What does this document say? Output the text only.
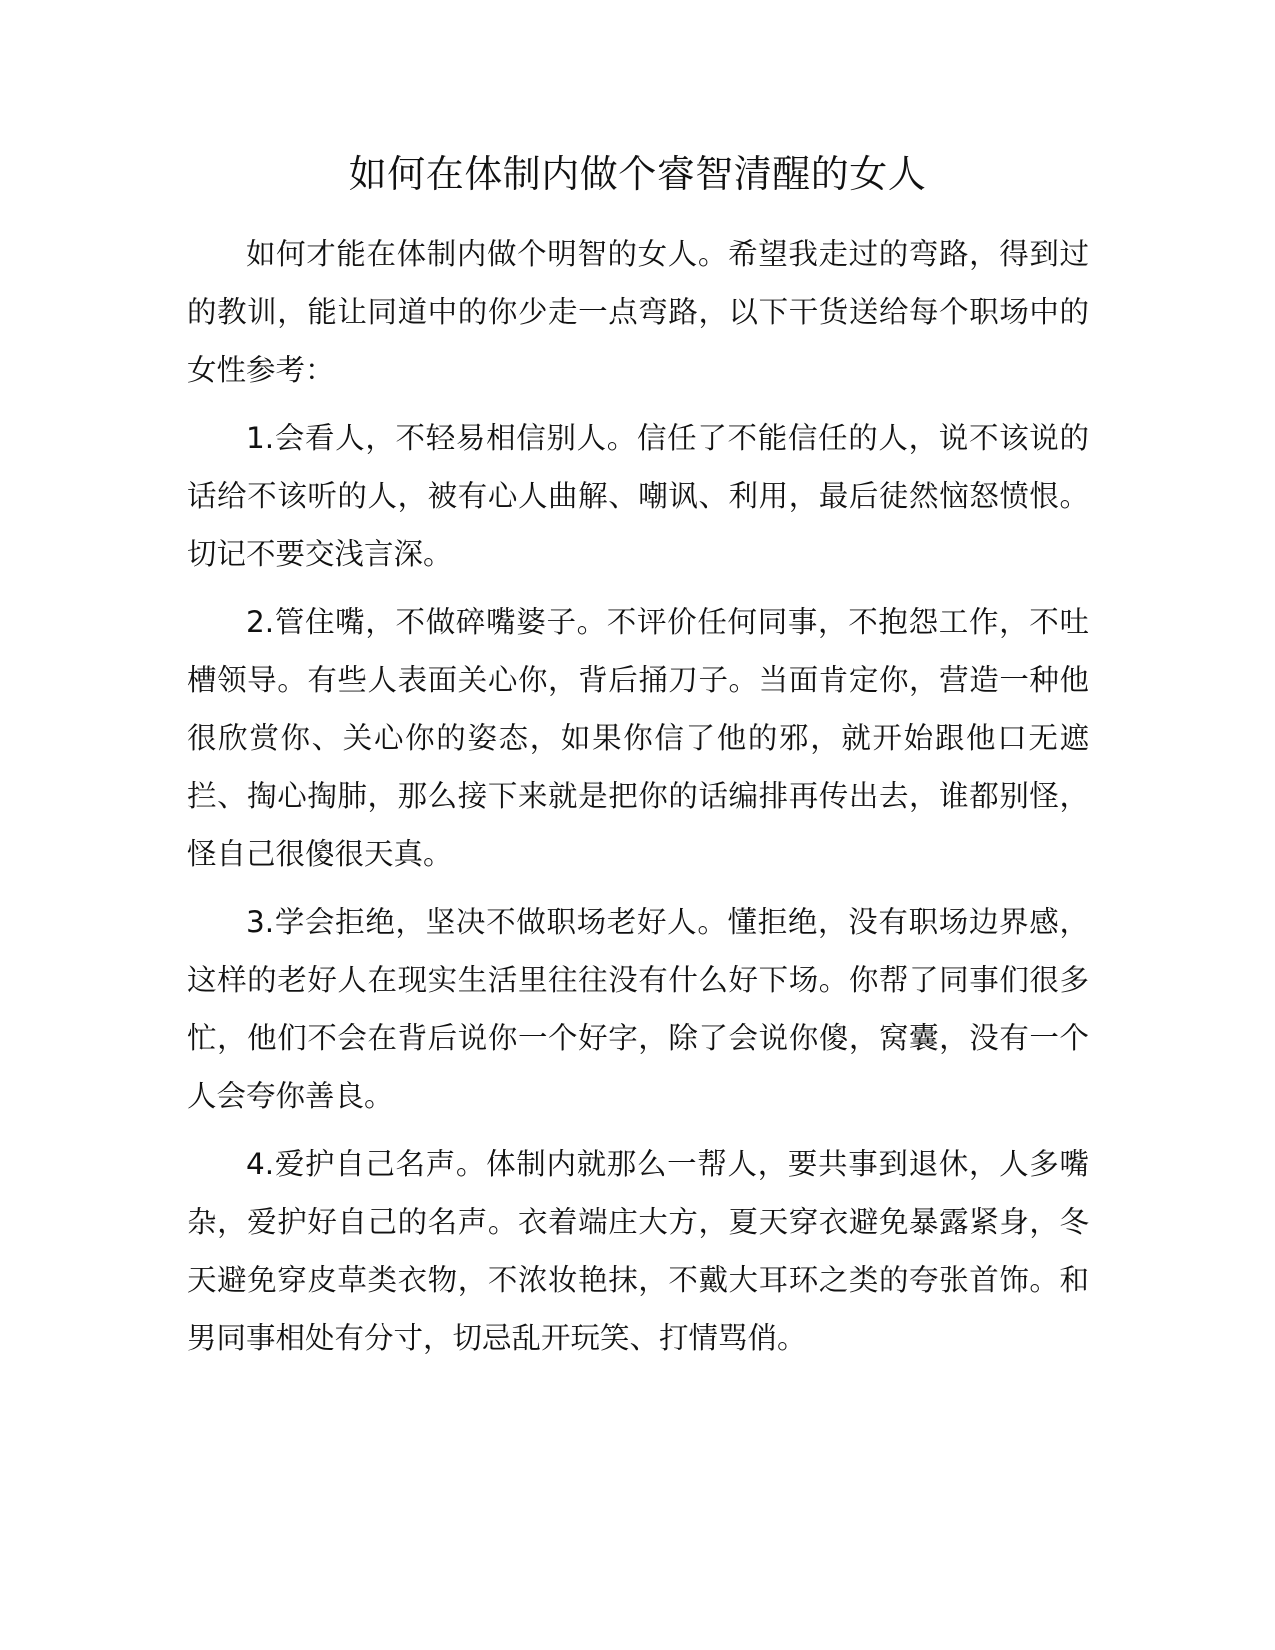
如何在体制内做个睿智清醒的女人

如何才能在体制内做个明智的女人。希望我走过的弯路，得到过的教训，能让同道中的你少走一点弯路，以下干货送给每个职场中的女性参考：

1.会看人，不轻易相信别人。信任了不能信任的人，说不该说的话给不该听的人，被有心人曲解、嘲讽、利用，最后徒然恼怒愤恨。切记不要交浅言深。

2.管住嘴，不做碎嘴婆子。不评价任何同事，不抱怨工作，不吐槽领导。有些人表面关心你，背后捅刀子。当面肯定你，营造一种他很欣赏你、关心你的姿态，如果你信了他的邪，就开始跟他口无遮拦、掏心掏肺，那么接下来就是把你的话编排再传出去，谁都别怪，怪自己很傻很天真。

3.学会拒绝，坚决不做职场老好人。懂拒绝，没有职场边界感，这样的老好人在现实生活里往往没有什么好下场。你帮了同事们很多忙，他们不会在背后说你一个好字，除了会说你傻，窝囊，没有一个人会夸你善良。

4.爱护自己名声。体制内就那么一帮人，要共事到退休，人多嘴杂，爱护好自己的名声。衣着端庄大方，夏天穿衣避免暴露紧身，冬天避免穿皮草类衣物，不浓妆艳抹，不戴大耳环之类的夸张首饰。和男同事相处有分寸，切忌乱开玩笑、打情骂俏。
